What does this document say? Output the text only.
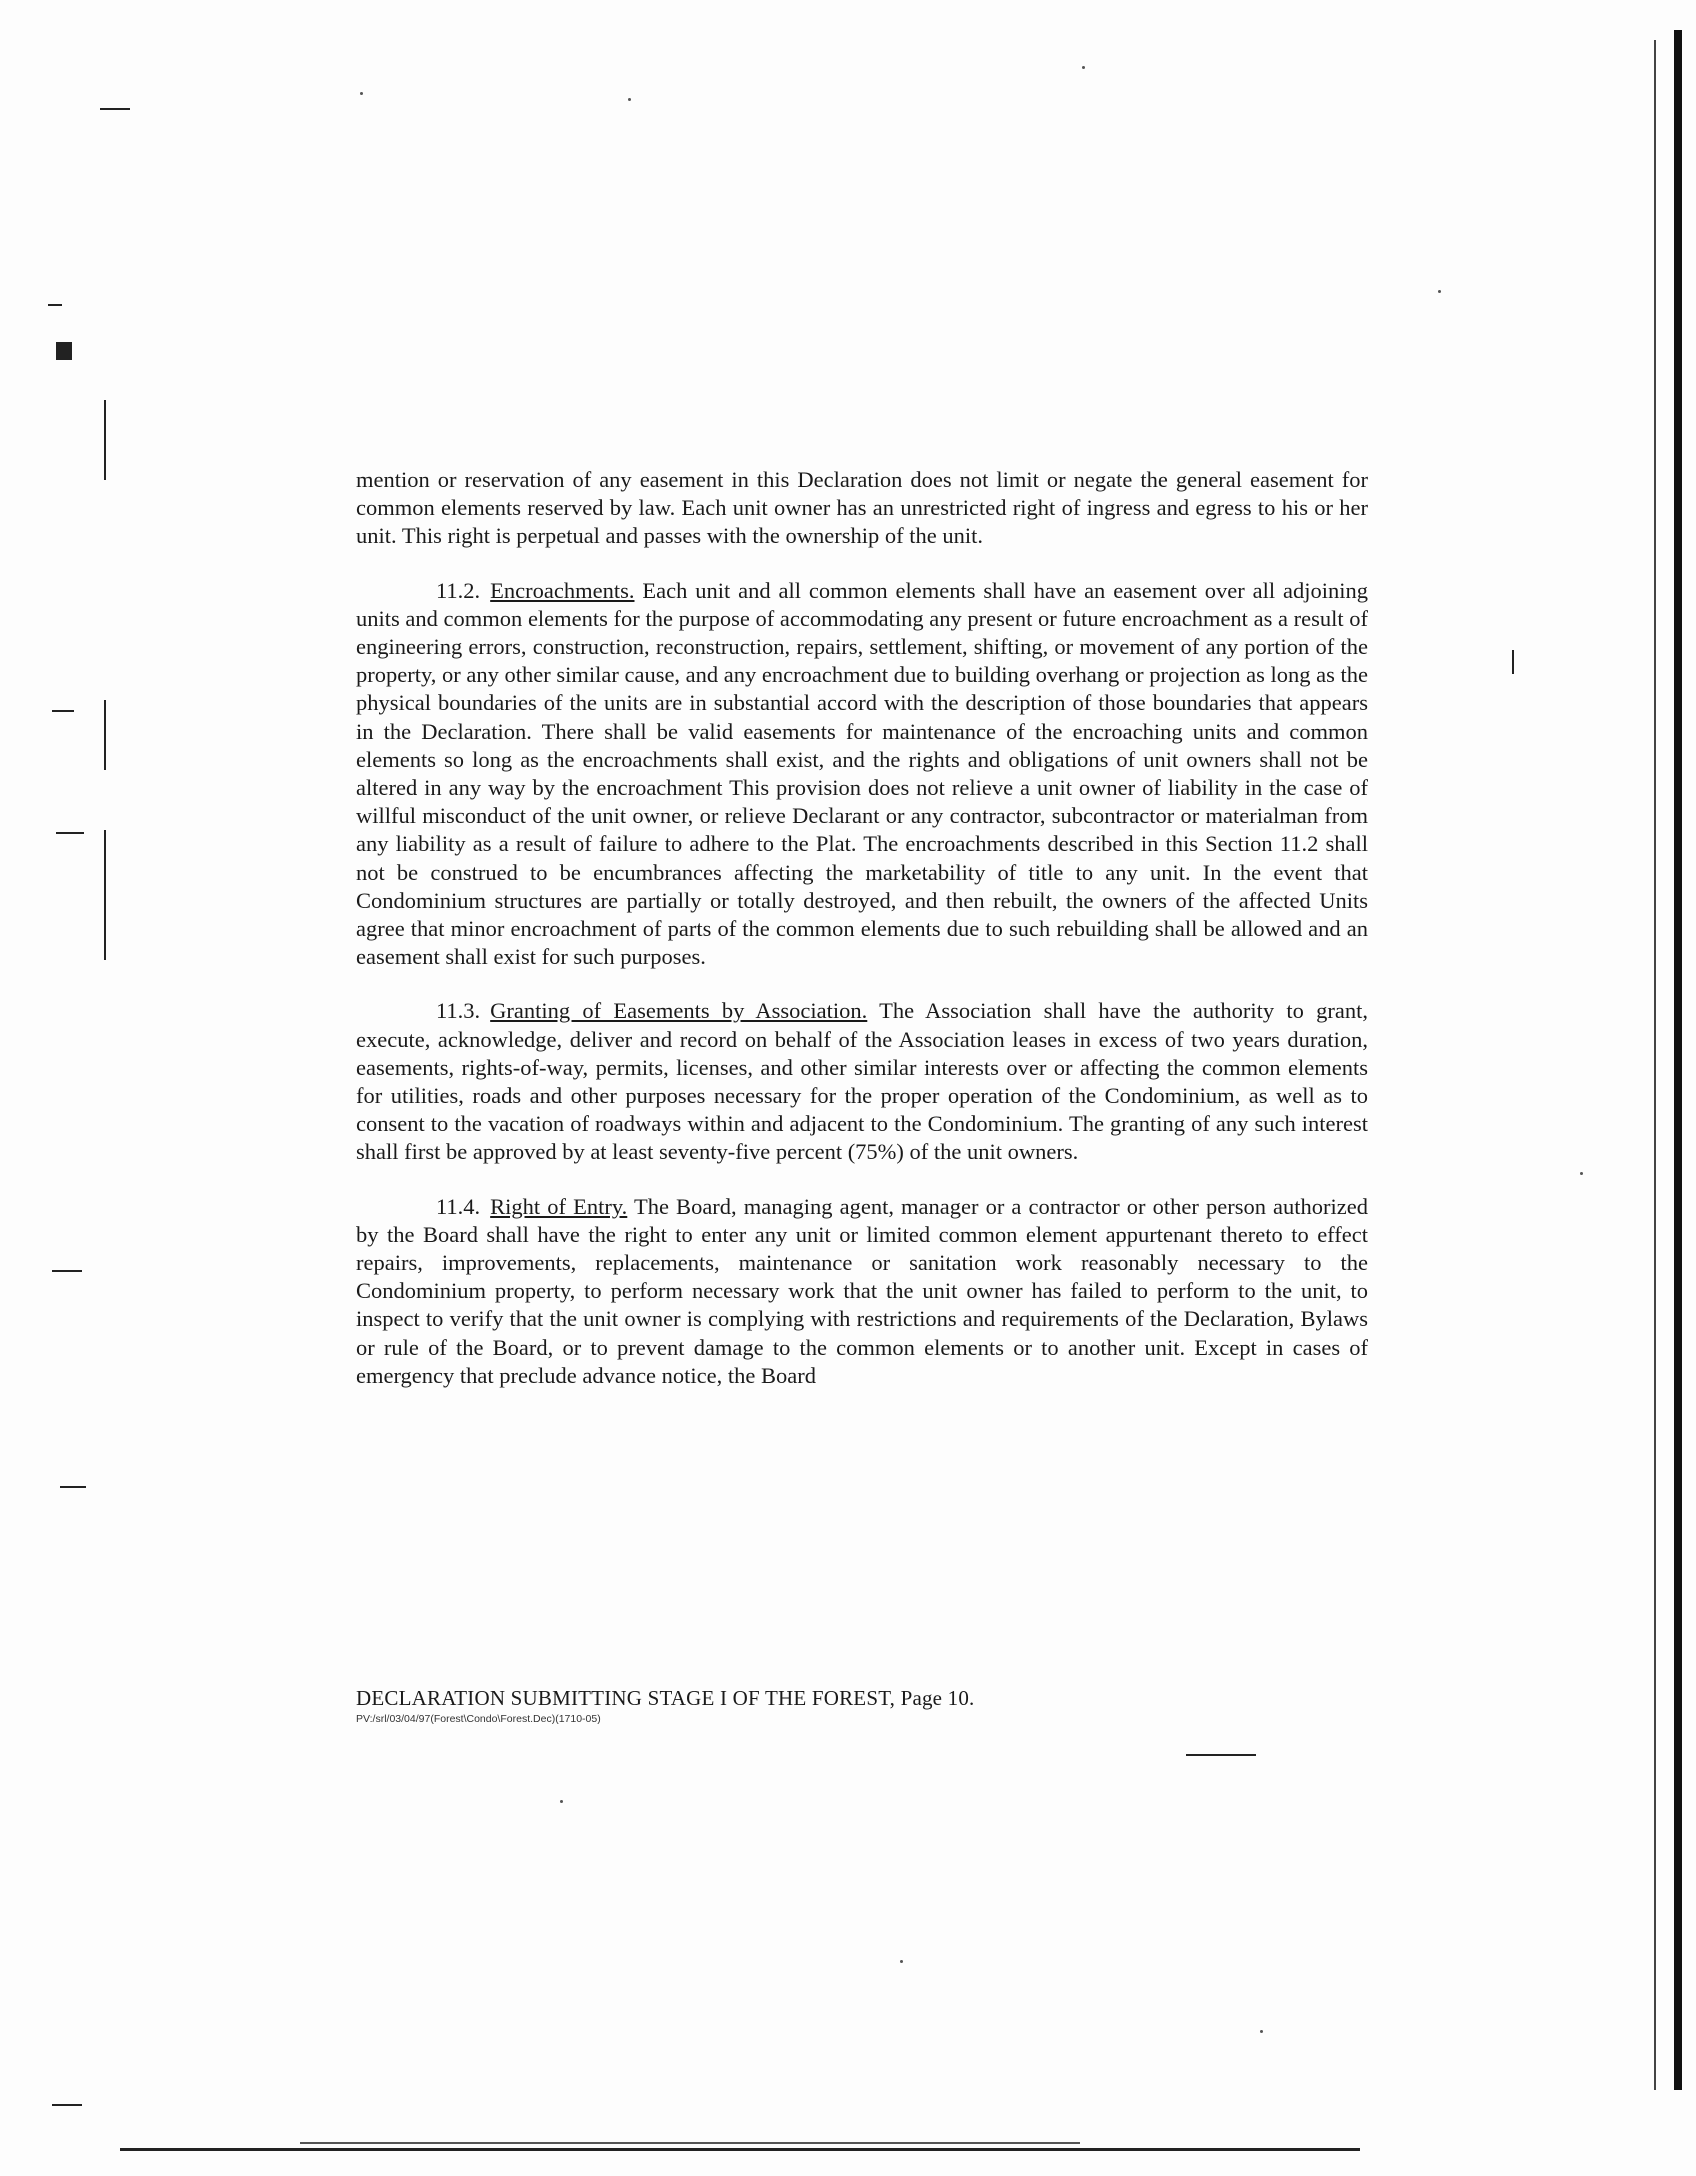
mention or reservation of any easement in this Declaration does not limit or negate the general easement for common elements reserved by law. Each unit owner has an unrestricted right of ingress and egress to his or her unit. This right is perpetual and passes with the ownership of the unit.

11.2. Encroachments. Each unit and all common elements shall have an easement over all adjoining units and common elements for the purpose of accommodating any present or future encroachment as a result of engineering errors, construction, reconstruction, repairs, settlement, shifting, or movement of any portion of the property, or any other similar cause, and any encroachment due to building overhang or projection as long as the physical boundaries of the units are in substantial accord with the description of those boundaries that appears in the Declaration. There shall be valid easements for maintenance of the encroaching units and common elements so long as the encroachments shall exist, and the rights and obligations of unit owners shall not be altered in any way by the encroachment This provision does not relieve a unit owner of liability in the case of willful misconduct of the unit owner, or relieve Declarant or any contractor, subcontractor or materialman from any liability as a result of failure to adhere to the Plat. The encroachments described in this Section 11.2 shall not be construed to be encumbrances affecting the marketability of title to any unit. In the event that Condominium structures are partially or totally destroyed, and then rebuilt, the owners of the affected Units agree that minor encroachment of parts of the common elements due to such rebuilding shall be allowed and an easement shall exist for such purposes.

11.3. Granting of Easements by Association. The Association shall have the authority to grant, execute, acknowledge, deliver and record on behalf of the Association leases in excess of two years duration, easements, rights-of-way, permits, licenses, and other similar interests over or affecting the common elements for utilities, roads and other purposes necessary for the proper operation of the Condominium, as well as to consent to the vacation of roadways within and adjacent to the Condominium. The granting of any such interest shall first be approved by at least seventy-five percent (75%) of the unit owners.

11.4. Right of Entry. The Board, managing agent, manager or a contractor or other person authorized by the Board shall have the right to enter any unit or limited common element appurtenant thereto to effect repairs, improvements, replacements, maintenance or sanitation work reasonably necessary to the Condominium property, to perform necessary work that the unit owner has failed to perform to the unit, to inspect to verify that the unit owner is complying with restrictions and requirements of the Declaration, Bylaws or rule of the Board, or to prevent damage to the common elements or to another unit. Except in cases of emergency that preclude advance notice, the Board

DECLARATION SUBMITTING STAGE I OF THE FOREST, Page 10.
PV:/srl/03/04/97(Forest\Condo\Forest.Dec)(1710-05)
